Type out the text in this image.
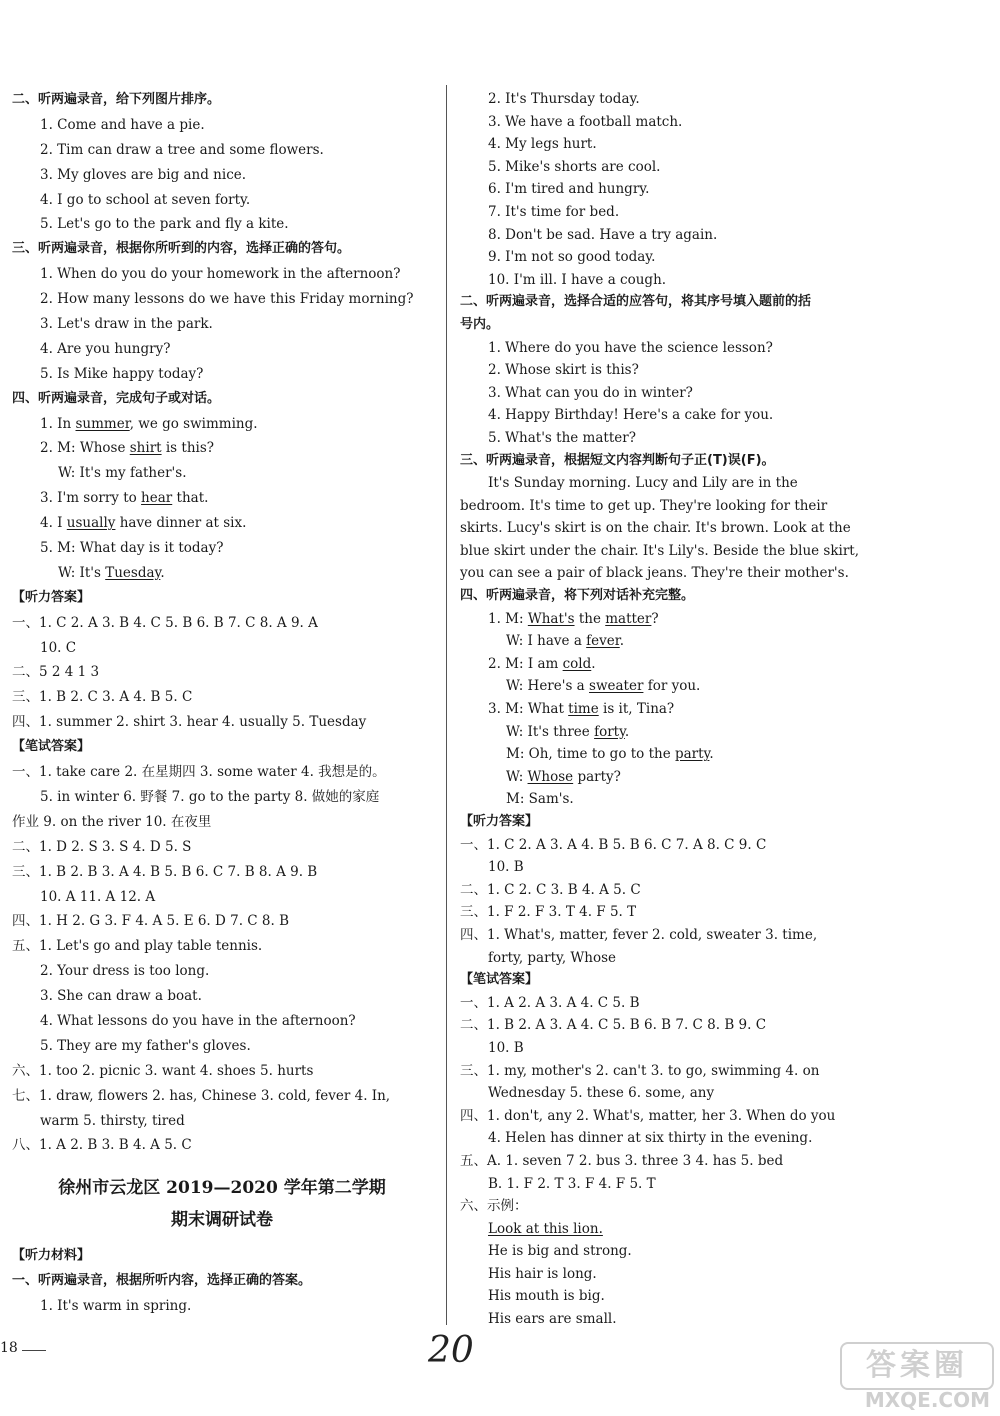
二、听两遍录音，给下列图片排序。
1. Come and have a pie.
2. Tim can draw a tree and some flowers.
3. My gloves are big and nice.
4. I go to school at seven forty.
5. Let's go to the park and fly a kite.
三、听两遍录音，根据你所听到的内容，选择正确的答句。
1. When do you do your homework in the afternoon?
2. How many lessons do we have this Friday morning?
3. Let's draw in the park.
4. Are you hungry?
5. Is Mike happy today?
四、听两遍录音，完成句子或对话。
1. In summer, we go swimming.
2. M: Whose shirt is this?
W: It's my father's.
3. I'm sorry to hear that.
4. I usually have dinner at six.
5. M: What day is it today?
W: It's Tuesday.
【听力答案】
一、1. C 2. A 3. B 4. C 5. B 6. B 7. C 8. A 9. A
10. C
二、5 2 4 1 3
三、1. B 2. C 3. A 4. B 5. C
四、1. summer 2. shirt 3. hear 4. usually 5. Tuesday
【笔试答案】
一、1. take care 2. 在星期四 3. some water 4. 我想是的。
5. in winter 6. 野餐 7. go to the party 8. 做她的家庭
作业 9. on the river 10. 在夜里
二、1. D 2. S 3. S 4. D 5. S
三、1. B 2. B 3. A 4. B 5. B 6. C 7. B 8. A 9. B
10. A 11. A 12. A
四、1. H 2. G 3. F 4. A 5. E 6. D 7. C 8. B
五、1. Let's go and play table tennis.
2. Your dress is too long.
3. She can draw a boat.
4. What lessons do you have in the afternoon?
5. They are my father's gloves.
六、1. too 2. picnic 3. want 4. shoes 5. hurts
七、1. draw, flowers 2. has, Chinese 3. cold, fever 4. In,
warm 5. thirsty, tired
八、1. A 2. B 3. B 4. A 5. C
徐州市云龙区 2019—2020 学年第二学期
期末调研试卷
【听力材料】
一、听两遍录音，根据所听内容，选择正确的答案。
1. It's warm in spring.
2. It's Thursday today.
3. We have a football match.
4. My legs hurt.
5. Mike's shorts are cool.
6. I'm tired and hungry.
7. It's time for bed.
8. Don't be sad. Have a try again.
9. I'm not so good today.
10. I'm ill. I have a cough.
二、听两遍录音，选择合适的应答句，将其序号填入题前的括
号内。
1. Where do you have the science lesson?
2. Whose skirt is this?
3. What can you do in winter?
4. Happy Birthday! Here's a cake for you.
5. What's the matter?
三、听两遍录音，根据短文内容判断句子正(T)误(F)。
It's Sunday morning. Lucy and Lily are in the
bedroom. It's time to get up. They're looking for their
skirts. Lucy's skirt is on the chair. It's brown. Look at the
blue skirt under the chair. It's Lily's. Beside the blue skirt,
you can see a pair of black jeans. They're their mother's.
四、听两遍录音，将下列对话补充完整。
1. M: What's the matter?
W: I have a fever.
2. M: I am cold.
W: Here's a sweater for you.
3. M: What time is it, Tina?
W: It's three forty.
M: Oh, time to go to the party.
W: Whose party?
M: Sam's.
【听力答案】
一、1. C 2. A 3. A 4. B 5. B 6. C 7. A 8. C 9. C
10. B
二、1. C 2. C 3. B 4. A 5. C
三、1. F 2. F 3. T 4. F 5. T
四、1. What's, matter, fever 2. cold, sweater 3. time,
forty, party, Whose
【笔试答案】
一、1. A 2. A 3. A 4. C 5. B
二、1. B 2. A 3. A 4. C 5. B 6. B 7. C 8. B 9. C
10. B
三、1. my, mother's 2. can't 3. to go, swimming 4. on
Wednesday 5. these 6. some, any
四、1. don't, any 2. What's, matter, her 3. When do you
4. Helen has dinner at six thirty in the evening.
五、A. 1. seven 7 2. bus 3. three 3 4. has 5. bed
B. 1. F 2. T 3. F 4. F 5. T
六、示例：
Look at this lion.
He is big and strong.
His hair is long.
His mouth is big.
His ears are small.
18	20	答案圈
MXQE.COM
